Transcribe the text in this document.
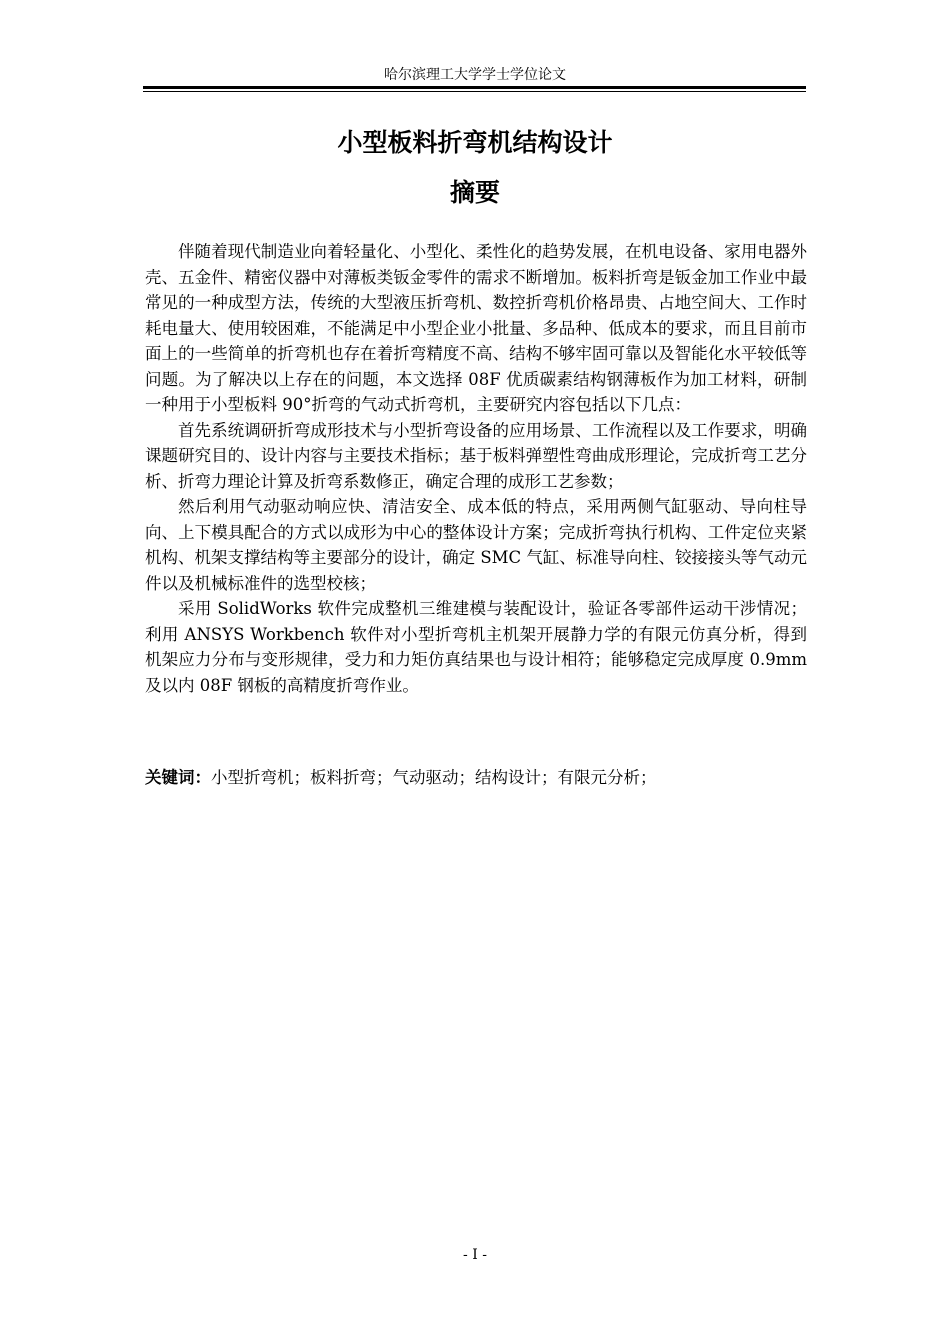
哈尔滨理工大学学士学位论文
小型板料折弯机结构设计
摘要

伴随着现代制造业向着轻量化、小型化、柔性化的趋势发展，在机电设备、家用电器外壳、五金件、精密仪器中对薄板类钣金零件的需求不断增加。板料折弯是钣金加工作业中最常见的一种成型方法，传统的大型液压折弯机、数控折弯机价格昂贵、占地空间大、工作时耗电量大、使用较困难，不能满足中小型企业小批量、多品种、低成本的要求，而且目前市面上的一些简单的折弯机也存在着折弯精度不高、结构不够牢固可靠以及智能化水平较低等问题。为了解决以上存在的问题，本文选择 08F 优质碳素结构钢薄板作为加工材料，研制一种用于小型板料 90°折弯的气动式折弯机，主要研究内容包括以下几点：

首先系统调研折弯成形技术与小型折弯设备的应用场景、工作流程以及工作要求，明确课题研究目的、设计内容与主要技术指标；基于板料弹塑性弯曲成形理论，完成折弯工艺分析、折弯力理论计算及折弯系数修正，确定合理的成形工艺参数；

然后利用气动驱动响应快、清洁安全、成本低的特点，采用两侧气缸驱动、导向柱导向、上下模具配合的方式以成形为中心的整体设计方案；完成折弯执行机构、工件定位夹紧机构、机架支撑结构等主要部分的设计，确定 SMC 气缸、标准导向柱、铰接接头等气动元件以及机械标准件的选型校核；

采用 SolidWorks 软件完成整机三维建模与装配设计，验证各零部件运动干涉情况；利用 ANSYS Workbench 软件对小型折弯机主机架开展静力学的有限元仿真分析，得到机架应力分布与变形规律，受力和力矩仿真结果也与设计相符；能够稳定完成厚度 0.9mm 及以内 08F 钢板的高精度折弯作业。

关键词：小型折弯机；板料折弯；气动驱动；结构设计；有限元分析；
- I -
